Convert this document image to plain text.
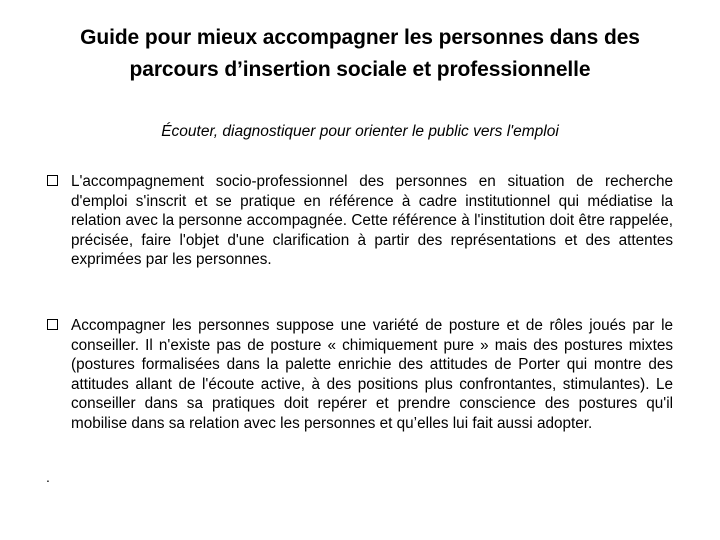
Guide pour mieux accompagner les personnes dans des
parcours d’insertion sociale et professionnelle
Écouter, diagnostiquer pour orienter le public vers l'emploi
L'accompagnement socio-professionnel des personnes en situation de recherche d'emploi s'inscrit et se pratique en référence à cadre institutionnel qui médiatise la relation avec la personne accompagnée. Cette référence à l'institution doit être rappelée, précisée, faire l'objet d'une clarification à partir des représentations et des attentes exprimées par les personnes.
Accompagner les personnes suppose une variété de posture et de rôles joués par le conseiller. Il n'existe pas de posture « chimiquement pure » mais des postures mixtes (postures formalisées dans la palette enrichie des attitudes de Porter qui montre des attitudes allant de l'écoute active, à des positions plus confrontantes, stimulantes). Le conseiller dans sa pratiques doit repérer et prendre conscience des postures qu'il mobilise dans sa relation avec les personnes et qu’elles lui fait aussi adopter.
.
